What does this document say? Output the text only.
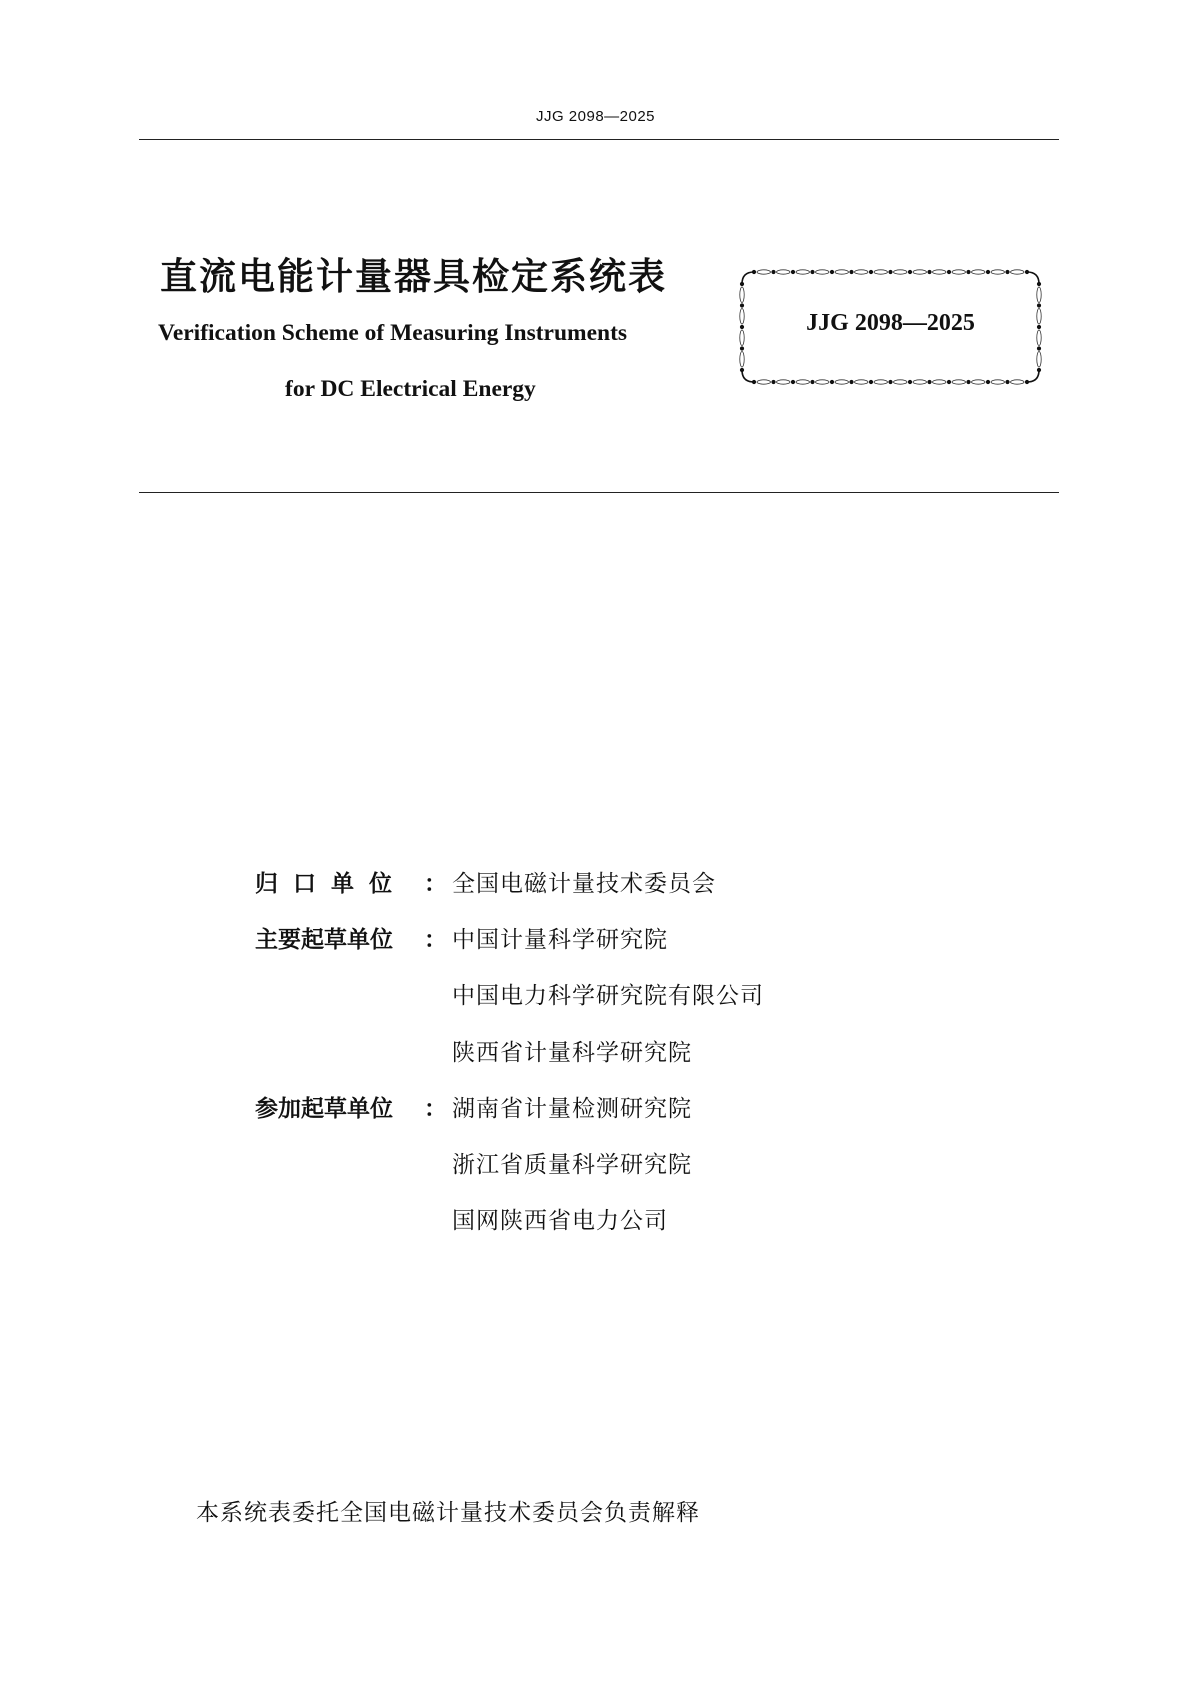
JJG 2098—2025
直流电能计量器具检定系统表
Verification Scheme of Measuring Instruments
for DC Electrical Energy
JJG 2098—2025
归口单位 ： 全国电磁计量技术委员会
主要起草单位 ： 中国计量科学研究院
中国电力科学研究院有限公司
陕西省计量科学研究院
参加起草单位 ： 湖南省计量检测研究院
浙江省质量科学研究院
国网陕西省电力公司
本系统表委托全国电磁计量技术委员会负责解释
